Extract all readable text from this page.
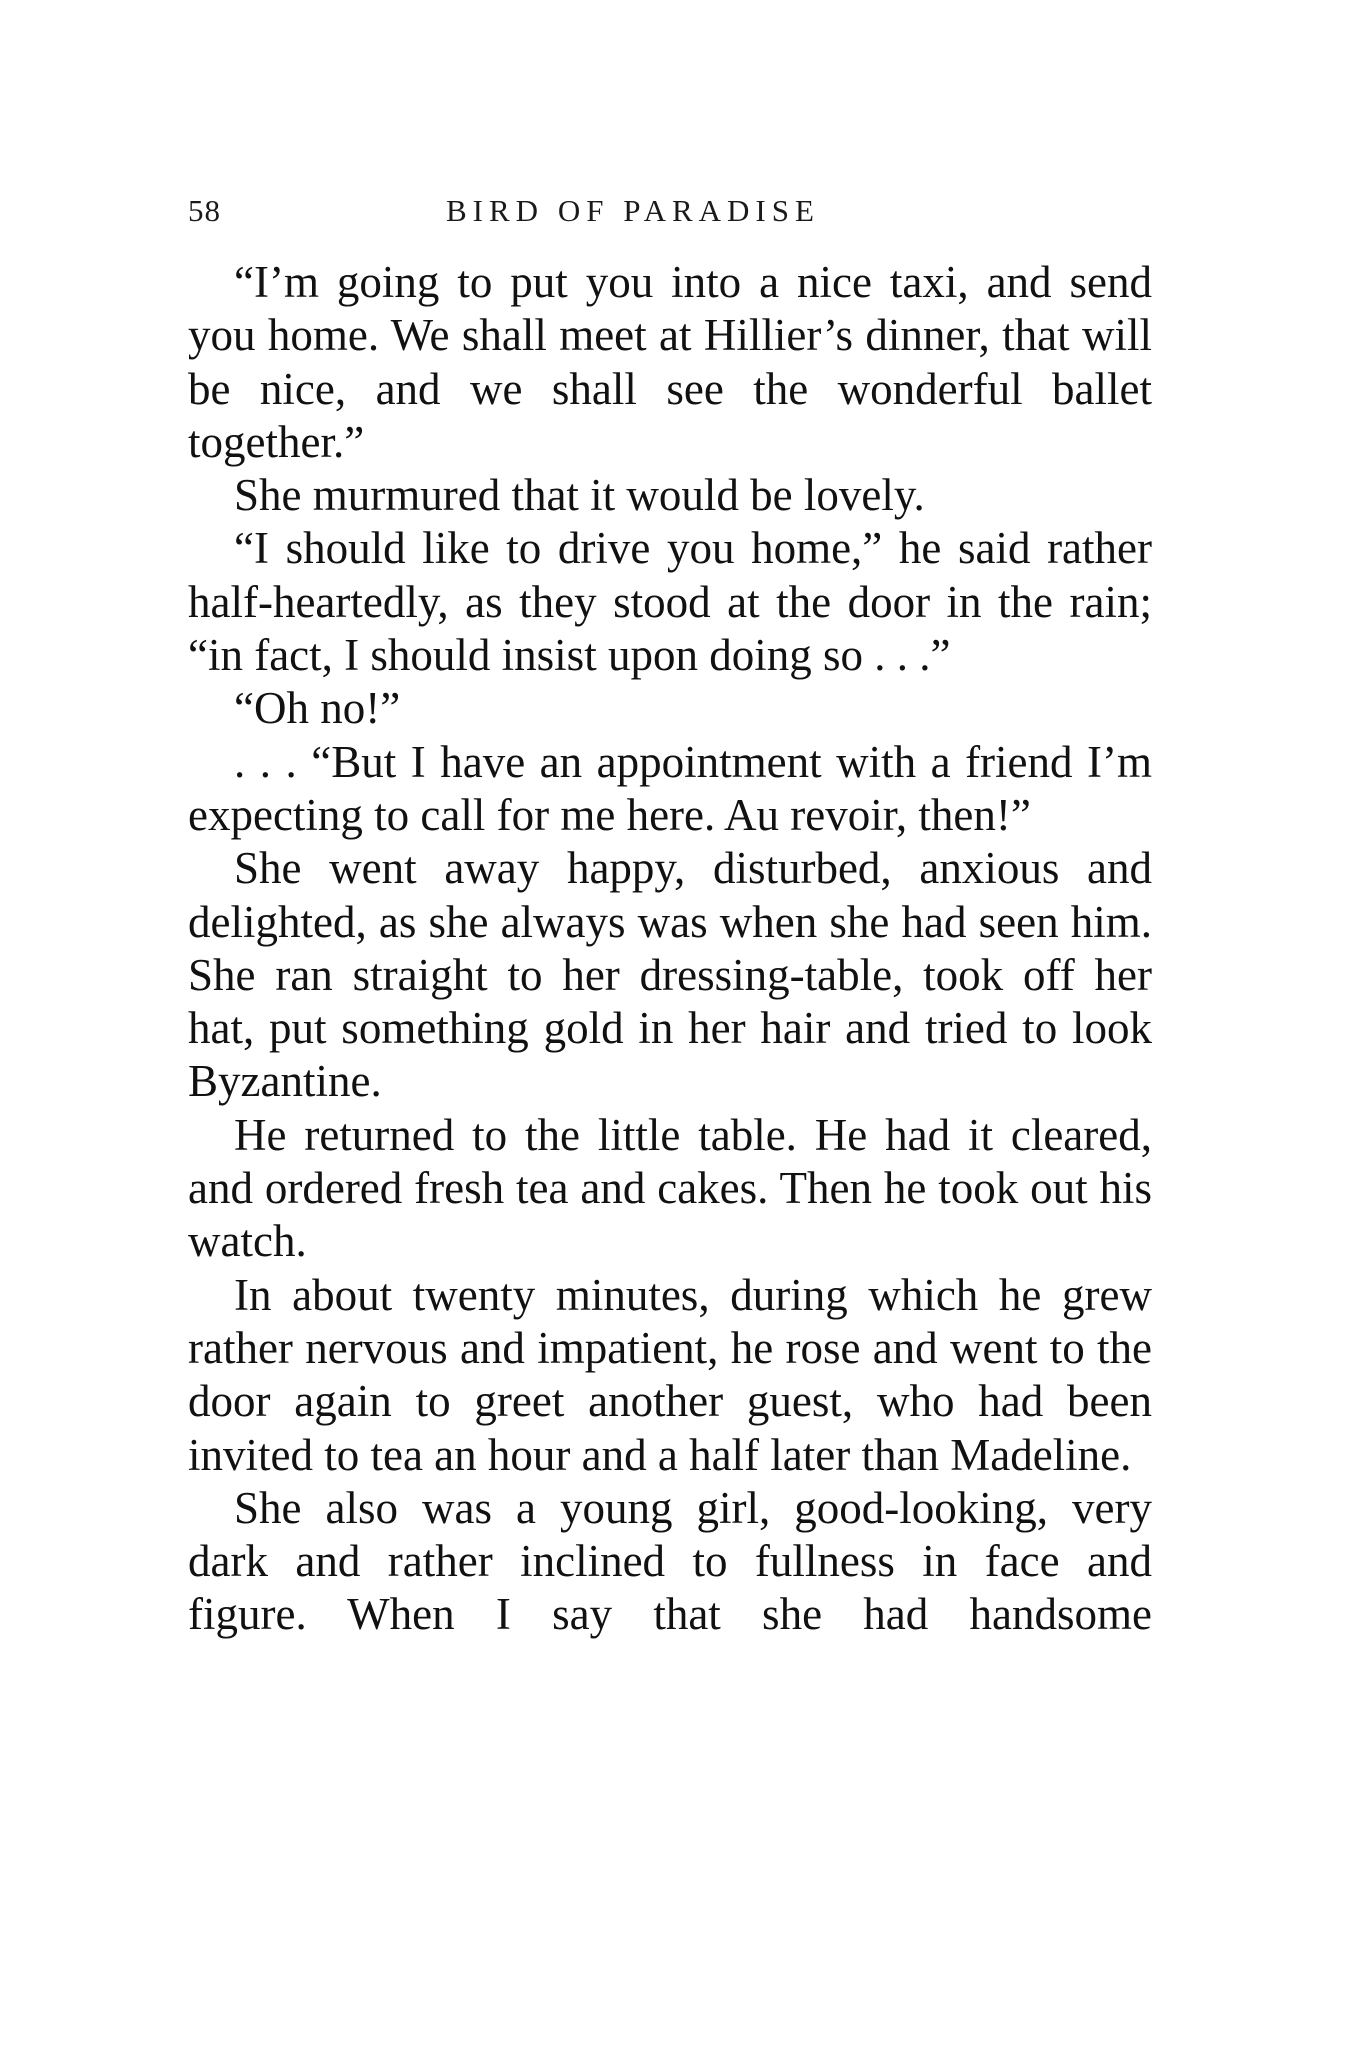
58	BIRD OF PARADISE

“I’m going to put you into a nice taxi, and send you home. We shall meet at Hillier’s dinner, that will be nice, and we shall see the wonderful ballet together.”

She murmured that it would be lovely.

“I should like to drive you home,” he said rather half-heartedly, as they stood at the door in the rain; “in fact, I should insist upon doing so . . .”

“Oh no!”

. . . “But I have an appointment with a friend I’m expecting to call for me here. Au revoir, then!”

She went away happy, disturbed, anxious and delighted, as she always was when she had seen him. She ran straight to her dressing-table, took off her hat, put something gold in her hair and tried to look Byzantine.

He returned to the little table. He had it cleared, and ordered fresh tea and cakes. Then he took out his watch.

In about twenty minutes, during which he grew rather nervous and impatient, he rose and went to the door again to greet another guest, who had been invited to tea an hour and a half later than Madeline.

She also was a young girl, good-looking, very dark and rather inclined to fullness in face and figure. When I say that she had handsome
